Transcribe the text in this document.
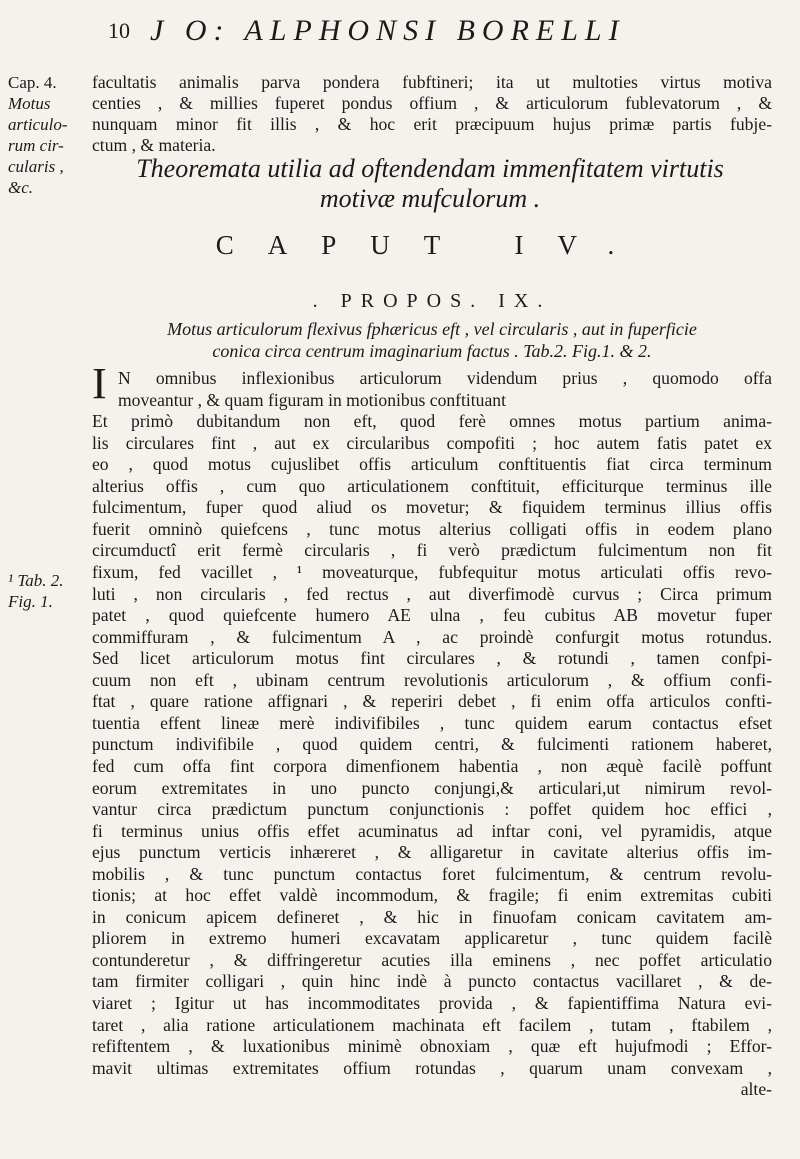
10 J O: ALPHONSI BORELLI
Cap. 4.
Motus
articulo-
rum cir-
cularis ,
&c.
¹ Tab. 2.
Fig. 1.
facultatis animalis parva pondera fubftineri; ita ut multoties virtus motiva
centies , & millies fuperet pondus offium , & articulorum fublevatorum , &
nunquam minor fit illis , & hoc erit præcipuum hujus primæ partis fubje-
ctum , & materia.
Theoremata utilia ad oftendendam immenfitatem virtutis
motivæ mufculorum .
CAPUT IV.
. PROPOS. IX.
Motus articulorum flexivus fphæricus eft , vel circularis , aut in fuperficie
conica circa centrum imaginarium factus . Tab.2. Fig.1. & 2.
I N omnibus inflexionibus articulorum videndum prius , quomodo offa
moveantur , & quam figuram in motionibus conftituant
Et primò dubitandum non eft, quod ferè omnes motus partium anima-
lis circulares fint , aut ex circularibus compofiti ; hoc autem fatis patet ex
eo , quod motus cujuslibet offis articulum conftituentis fiat circa terminum
alterius offis , cum quo articulationem conftituit, efficiturque terminus ille
fulcimentum, fuper quod aliud os movetur; & fiquidem terminus illius offis
fuerit omninò quiefcens , tunc motus alterius colligati offis in eodem plano
circumductî erit fermè circularis , fi verò prædictum fulcimentum non fit
fixum, fed vacillet , ¹ moveaturque, fubfequitur motus articulati offis revo-
luti , non circularis , fed rectus , aut diverfimodè curvus ; Circa primum
patet , quod quiefcente humero AE ulna , feu cubitus AB movetur fuper
commiffuram , & fulcimentum A , ac proindè confurgit motus rotundus.
Sed licet articulorum motus fint circulares , & rotundi , tamen confpi-
cuum non eft , ubinam centrum revolutionis articulorum , & offium confi-
ftat , quare ratione affignari , & reperiri debet , fi enim offa articulos confti-
tuentia effent lineæ merè indivifibiles , tunc quidem earum contactus efset
punctum indivifibile , quod quidem centri, & fulcimenti rationem haberet,
fed cum offa fint corpora dimenfionem habentia , non æquè facilè poffunt
eorum extremitates in uno puncto conjungi,& articulari,ut nimirum revol-
vantur circa prædictum punctum conjunctionis : poffet quidem hoc effici ,
fi terminus unius offis effet acuminatus ad inftar coni, vel pyramidis, atque
ejus punctum verticis inhæreret , & alligaretur in cavitate alterius offis im-
mobilis , & tunc punctum contactus foret fulcimentum, & centrum revolu-
tionis; at hoc effet valdè incommodum, & fragile; fi enim extremitas cubiti
in conicum apicem defineret , & hic in finuofam conicam cavitatem am-
pliorem in extremo humeri excavatam applicaretur , tunc quidem facilè
contunderetur , & diffringeretur acuties illa eminens , nec poffet articulatio
tam firmiter colligari , quin hinc indè à puncto contactus vacillaret , & de-
viaret ; Igitur ut has incommoditates provida , & fapientiffima Natura evi-
taret , alia ratione articulationem machinata eft facilem , tutam , ftabilem ,
refiftentem , & luxationibus minimè obnoxiam , quæ eft hujufmodi ; Effor-
mavit ultimas extremitates offium rotundas , quarum unam convexam ,
alte-
